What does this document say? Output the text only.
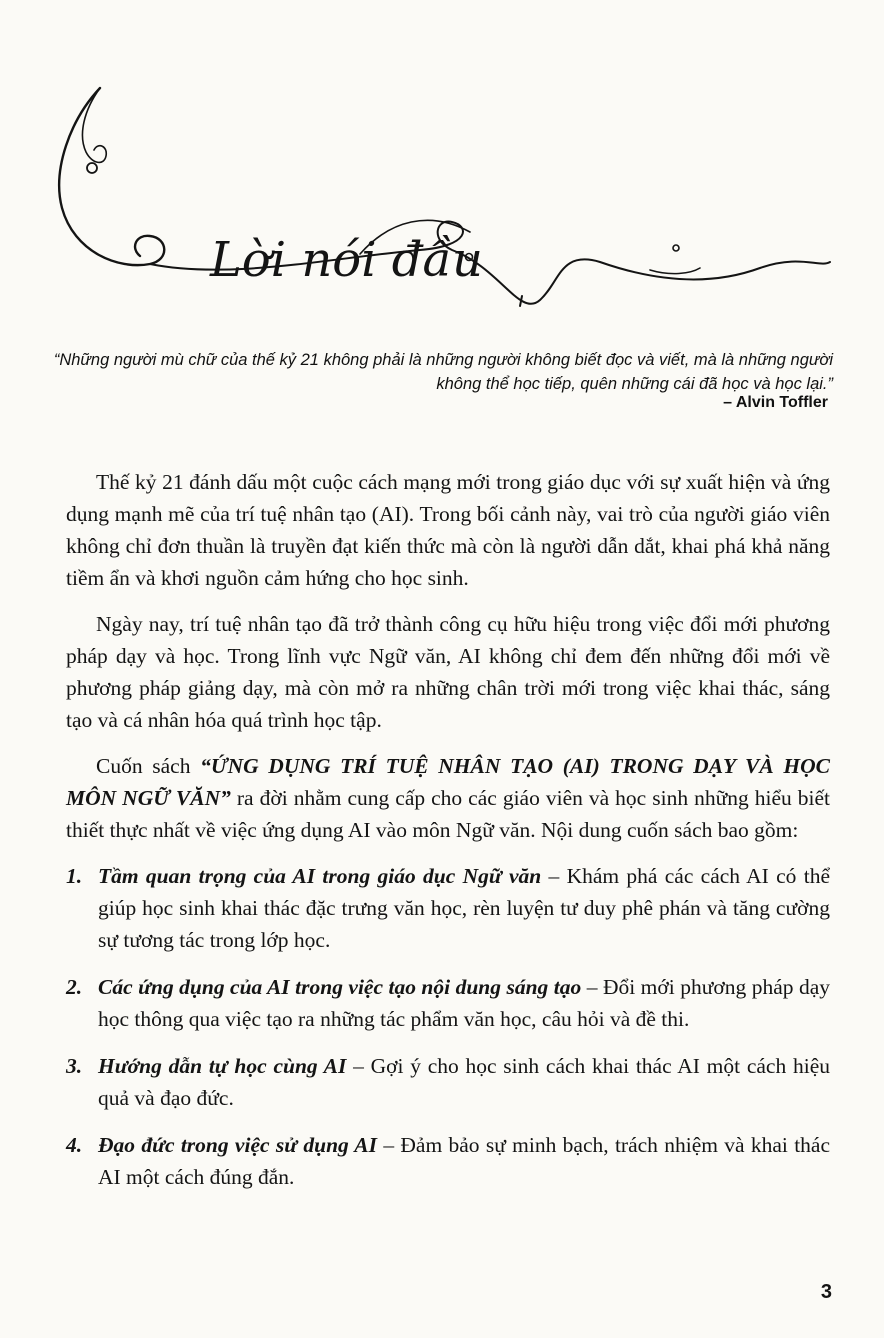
Lời nói đầu
“Những người mù chữ của thế kỷ 21 không phải là những người không biết đọc và viết, mà là những người không thể học tiếp, quên những cái đã học và học lại.”
– Alvin Toffler

Thế kỷ 21 đánh dấu một cuộc cách mạng mới trong giáo dục với sự xuất hiện và ứng dụng mạnh mẽ của trí tuệ nhân tạo (AI). Trong bối cảnh này, vai trò của người giáo viên không chỉ đơn thuần là truyền đạt kiến thức mà còn là người dẫn dắt, khai phá khả năng tiềm ẩn và khơi nguồn cảm hứng cho học sinh.

Ngày nay, trí tuệ nhân tạo đã trở thành công cụ hữu hiệu trong việc đổi mới phương pháp dạy và học. Trong lĩnh vực Ngữ văn, AI không chỉ đem đến những đổi mới về phương pháp giảng dạy, mà còn mở ra những chân trời mới trong việc khai thác, sáng tạo và cá nhân hóa quá trình học tập.

Cuốn sách “ỨNG DỤNG TRÍ TUỆ NHÂN TẠO (AI) TRONG DẠY VÀ HỌC MÔN NGỮ VĂN” ra đời nhằm cung cấp cho các giáo viên và học sinh những hiểu biết thiết thực nhất về việc ứng dụng AI vào môn Ngữ văn. Nội dung cuốn sách bao gồm:

1. Tầm quan trọng của AI trong giáo dục Ngữ văn – Khám phá các cách AI có thể giúp học sinh khai thác đặc trưng văn học, rèn luyện tư duy phê phán và tăng cường sự tương tác trong lớp học.
2. Các ứng dụng của AI trong việc tạo nội dung sáng tạo – Đổi mới phương pháp dạy học thông qua việc tạo ra những tác phẩm văn học, câu hỏi và đề thi.
3. Hướng dẫn tự học cùng AI – Gợi ý cho học sinh cách khai thác AI một cách hiệu quả và đạo đức.
4. Đạo đức trong việc sử dụng AI – Đảm bảo sự minh bạch, trách nhiệm và khai thác AI một cách đúng đắn.
3
